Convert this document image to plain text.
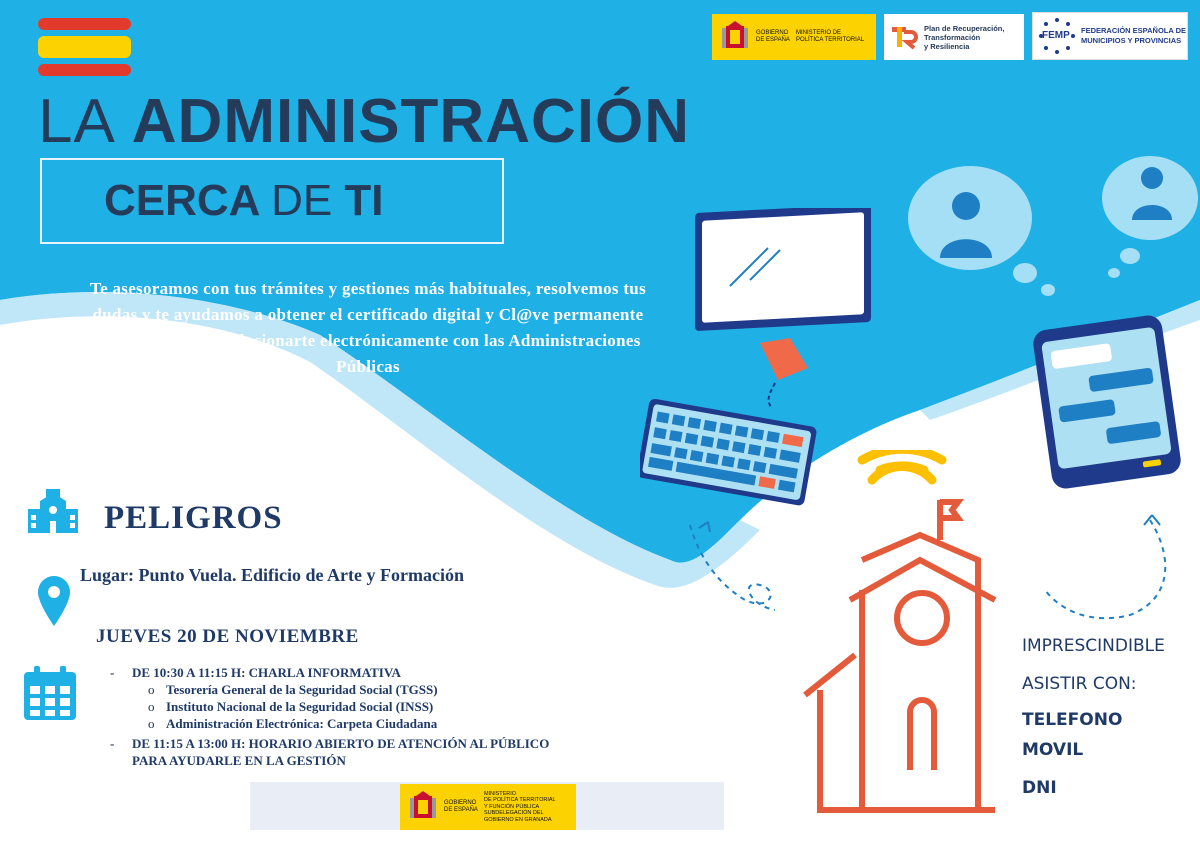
GOBIERNO
DE ESPAÑA
MINISTERIO DE POLÍTICA TERRITORIAL
Plan de Recuperación,
Transformación
y Resiliencia
FEMP FEDERACIÓN ESPAÑOLA DE
MUNICIPIOS Y PROVINCIAS
LA ADMINISTRACIÓN
CERCA DE TI
Te asesoramos con tus trámites y gestiones más habituales, resolvemos tus dudas y te ayudamos a obtener el certificado digital y Cl@ve permanente para que puedas relacionarte electrónicamente con las Administraciones Públicas
PELIGROS
Lugar: Punto Vuela. Edificio de Arte y Formación
JUEVES 20 DE NOVIEMBRE
- DE 10:30 A 11:15 H: CHARLA INFORMATIVA
o Tesorería General de la Seguridad Social (TGSS)
o Instituto Nacional de la Seguridad Social (INSS)
o Administración Electrónica: Carpeta Ciudadana
- DE 11:15 A 13:00 H: HORARIO ABIERTO DE ATENCIÓN AL PÚBLICO
PARA AYUDARLE EN LA GESTIÓN
IMPRESCINDIBLE
ASISTIR CON:
TELEFONO
MOVIL
DNI
GOBIERNO
DE ESPAÑA
MINISTERIO
DE POLÍTICA TERRITORIAL
Y FUNCIÓN PÚBLICA
SUBDELEGACIÓN DEL
GOBIERNO EN GRANADA
